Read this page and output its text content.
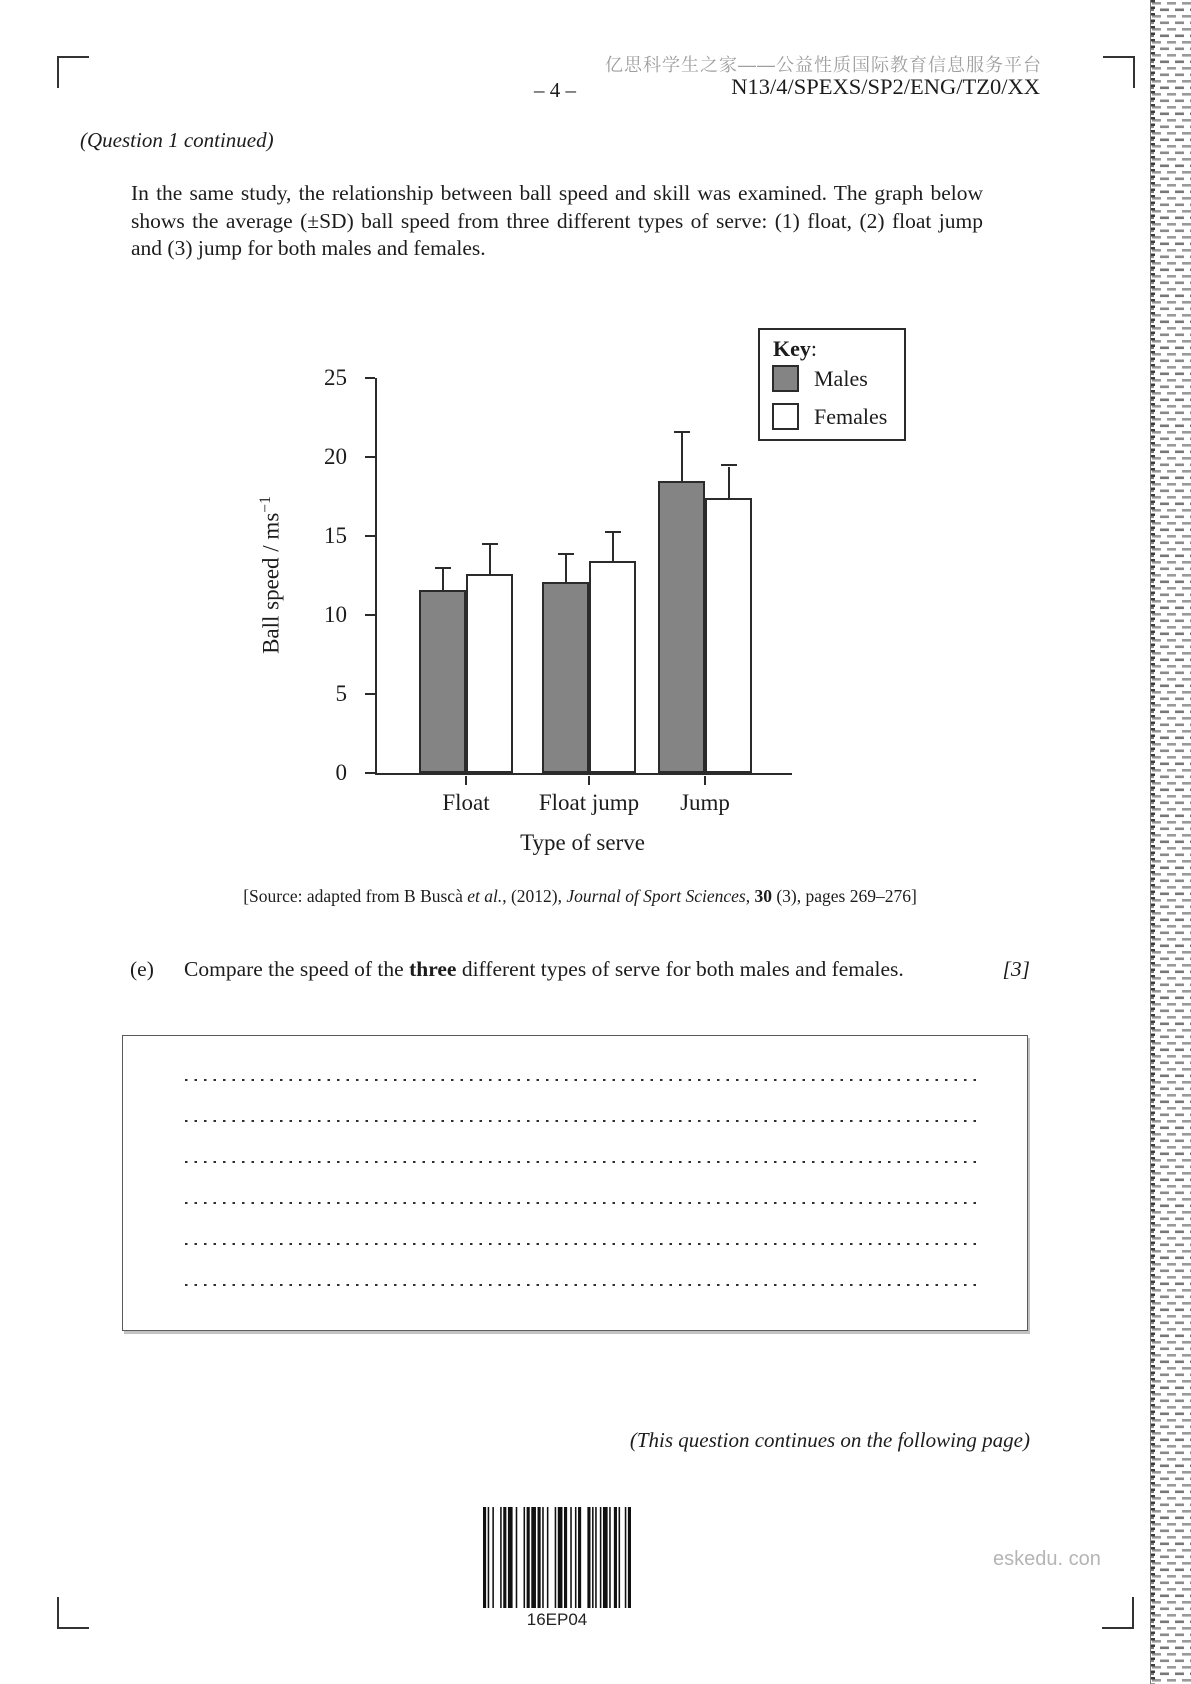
亿思科学生之家——公益性质国际教育信息服务平台
– 4 –	N13/4/SPEXS/SP2/ENG/TZ0/XX
(Question 1 continued)
In the same study, the relationship between ball speed and skill was examined. The graph below shows the average (±SD) ball speed from three different types of serve: (1) float, (2) float jump and (3) jump for both males and females.
0
5
10
15
20
25
Float	Float jump	Jump
Ball speed / $ms^{-1}$
Type of serve
Key:
Males
Females
[Source: adapted from B Buscà et al., (2012), Journal of Sport Sciences, 30 (3), pages 269–276]
(e)	Compare the speed of the three different types of serve for both males and females.	[3]
(This question continues on the following page)
16EP04
eskedu. con
